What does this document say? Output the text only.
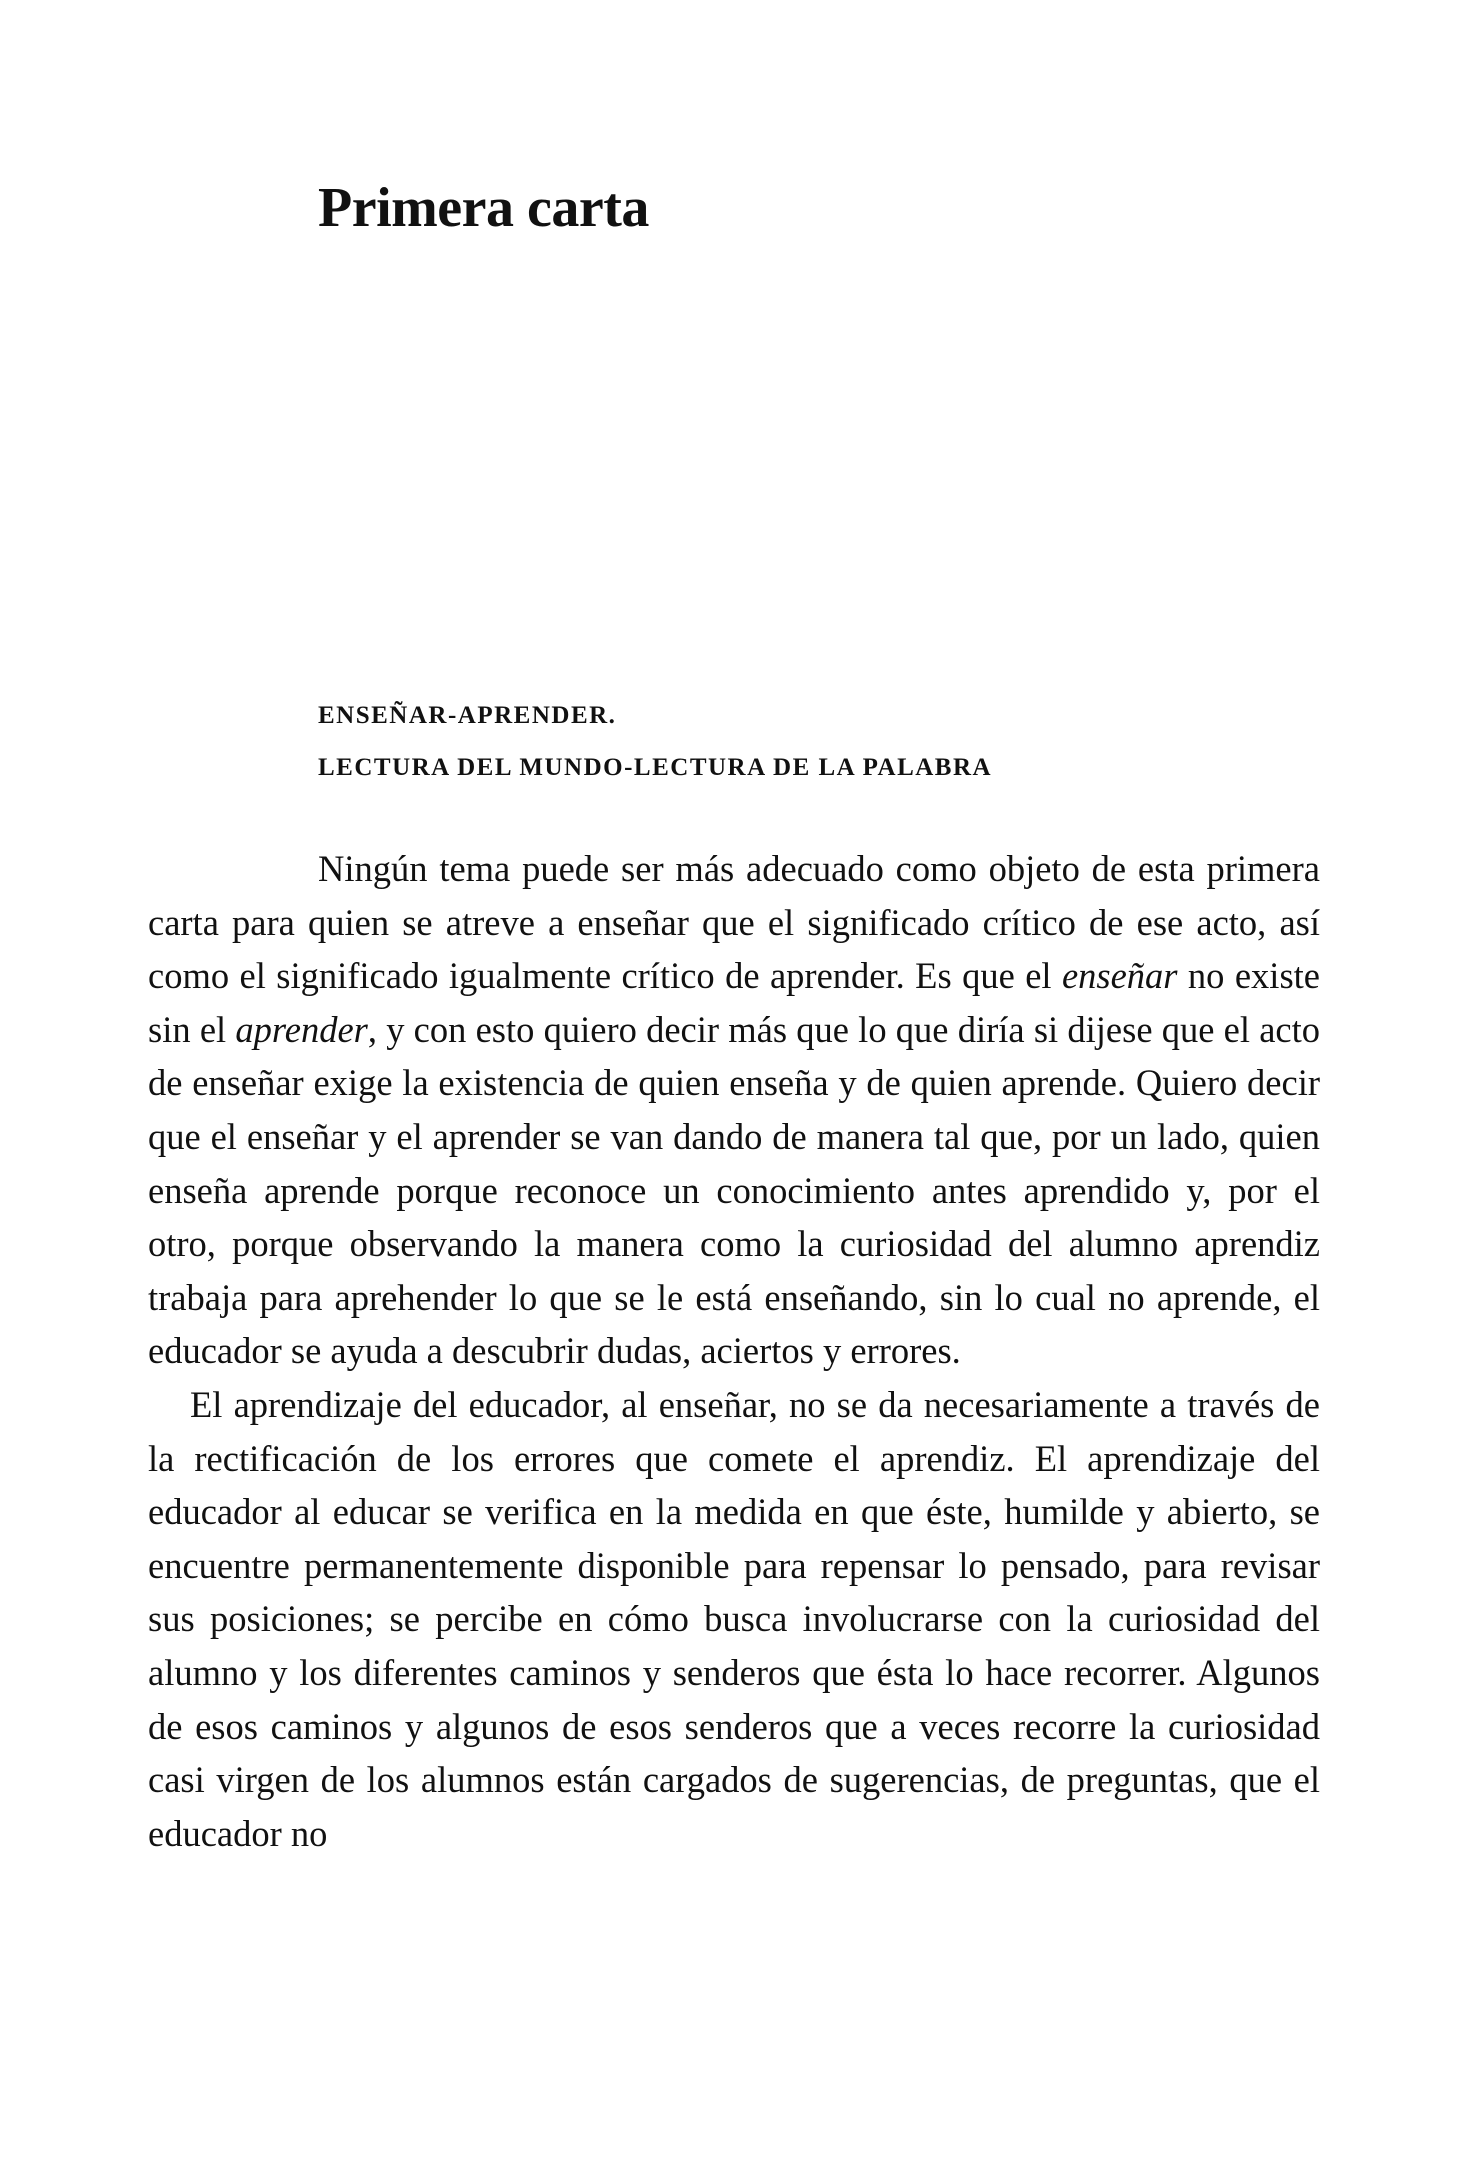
Primera carta
ENSEÑAR-APRENDER.
LECTURA DEL MUNDO-LECTURA DE LA PALABRA

Ningún tema puede ser más adecuado como objeto de esta primera carta para quien se atreve a enseñar que el significado crítico de ese acto, así como el significado igualmente crítico de aprender. Es que el enseñar no existe sin el aprender, y con esto quiero decir más que lo que diría si dijese que el acto de enseñar exige la existencia de quien enseña y de quien aprende. Quiero decir que el enseñar y el aprender se van dando de manera tal que, por un lado, quien enseña aprende porque reconoce un conocimiento antes aprendido y, por el otro, porque observando la manera como la curiosidad del alumno aprendiz trabaja para aprehender lo que se le está enseñando, sin lo cual no aprende, el educador se ayuda a descubrir dudas, aciertos y errores.

El aprendizaje del educador, al enseñar, no se da necesariamente a través de la rectificación de los errores que comete el aprendiz. El aprendizaje del educador al educar se verifica en la medida en que éste, humilde y abierto, se encuentre permanentemente disponible para repensar lo pensado, para revisar sus posiciones; se percibe en cómo busca involucrarse con la curiosidad del alumno y los diferentes caminos y senderos que ésta lo hace recorrer. Algunos de esos caminos y algunos de esos senderos que a veces recorre la curiosidad casi virgen de los alumnos están cargados de sugerencias, de preguntas, que el educador no
